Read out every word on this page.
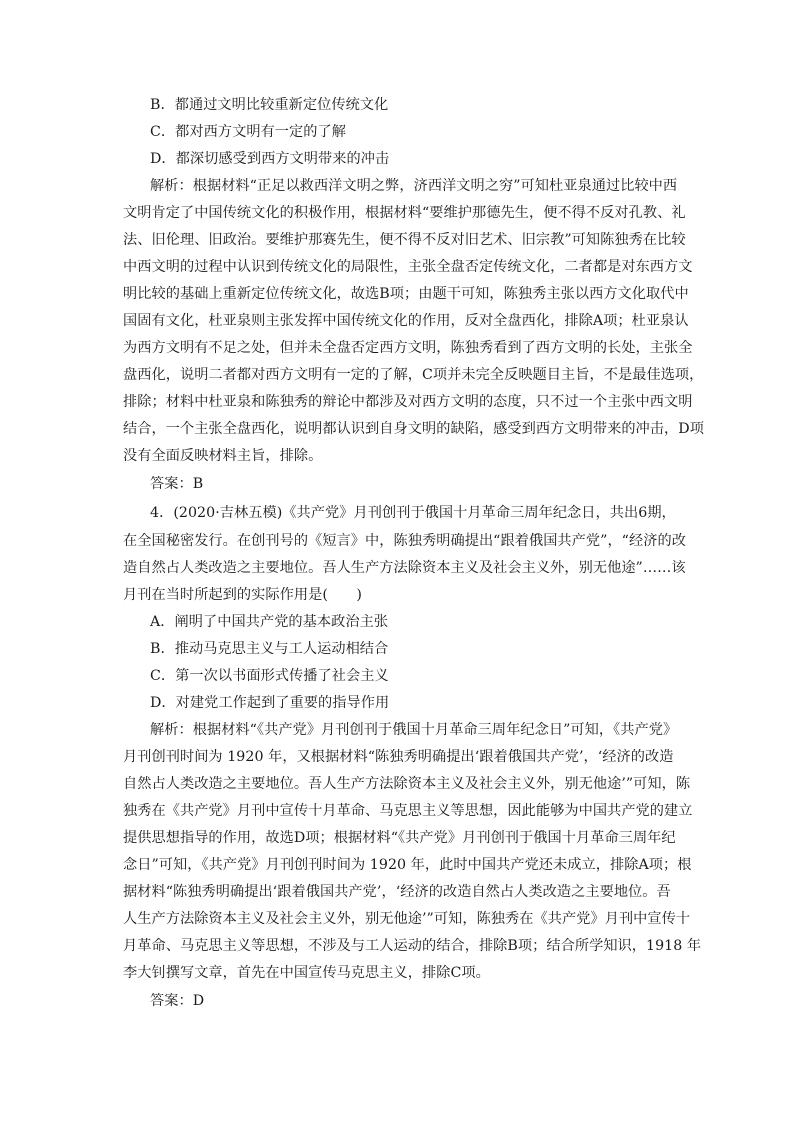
B．都通过文明比较重新定位传统文化
C．都对西方文明有一定的了解
D．都深切感受到西方文明带来的冲击
解析：根据材料“正足以救西洋文明之弊，济西洋文明之穷”可知杜亚泉通过比较中西
文明肯定了中国传统文化的积极作用，根据材料“要维护那德先生，便不得不反对孔教、礼
法、旧伦理、旧政治。要维护那赛先生，便不得不反对旧艺术、旧宗教”可知陈独秀在比较
中西文明的过程中认识到传统文化的局限性，主张全盘否定传统文化，二者都是对东西方文
明比较的基础上重新定位传统文化，故选B项；由题干可知，陈独秀主张以西方文化取代中
国固有文化，杜亚泉则主张发挥中国传统文化的作用，反对全盘西化，排除A项；杜亚泉认
为西方文明有不足之处，但并未全盘否定西方文明，陈独秀看到了西方文明的长处，主张全
盘西化，说明二者都对西方文明有一定的了解，C项并未完全反映题目主旨，不是最佳选项，
排除；材料中杜亚泉和陈独秀的辩论中都涉及对西方文明的态度，只不过一个主张中西文明
结合，一个主张全盘西化，说明都认识到自身文明的缺陷，感受到西方文明带来的冲击，D项
没有全面反映材料主旨，排除。
答案：B
4．(2020·吉林五模)《共产党》月刊创刊于俄国十月革命三周年纪念日，共出6期，
在全国秘密发行。在创刊号的《短言》中，陈独秀明确提出“跟着俄国共产党”，“经济的改
造自然占人类改造之主要地位。吾人生产方法除资本主义及社会主义外，别无他途”……该
月刊在当时所起到的实际作用是(　　)
A．阐明了中国共产党的基本政治主张
B．推动马克思主义与工人运动相结合
C．第一次以书面形式传播了社会主义
D．对建党工作起到了重要的指导作用
解析：根据材料“《共产党》月刊创刊于俄国十月革命三周年纪念日”可知，《共产党》
月刊创刊时间为 1920 年，又根据材料“陈独秀明确提出‘跟着俄国共产党’，‘经济的改造
自然占人类改造之主要地位。吾人生产方法除资本主义及社会主义外，别无他途’”可知，陈
独秀在《共产党》月刊中宣传十月革命、马克思主义等思想，因此能够为中国共产党的建立
提供思想指导的作用，故选D项；根据材料“《共产党》月刊创刊于俄国十月革命三周年纪
念日”可知，《共产党》月刊创刊时间为 1920 年，此时中国共产党还未成立，排除A项；根
据材料“陈独秀明确提出‘跟着俄国共产党’，‘经济的改造自然占人类改造之主要地位。吾
人生产方法除资本主义及社会主义外，别无他途’”可知，陈独秀在《共产党》月刊中宣传十
月革命、马克思主义等思想，不涉及与工人运动的结合，排除B项；结合所学知识，1918 年
李大钊撰写文章，首先在中国宣传马克思主义，排除C项。
答案：D
